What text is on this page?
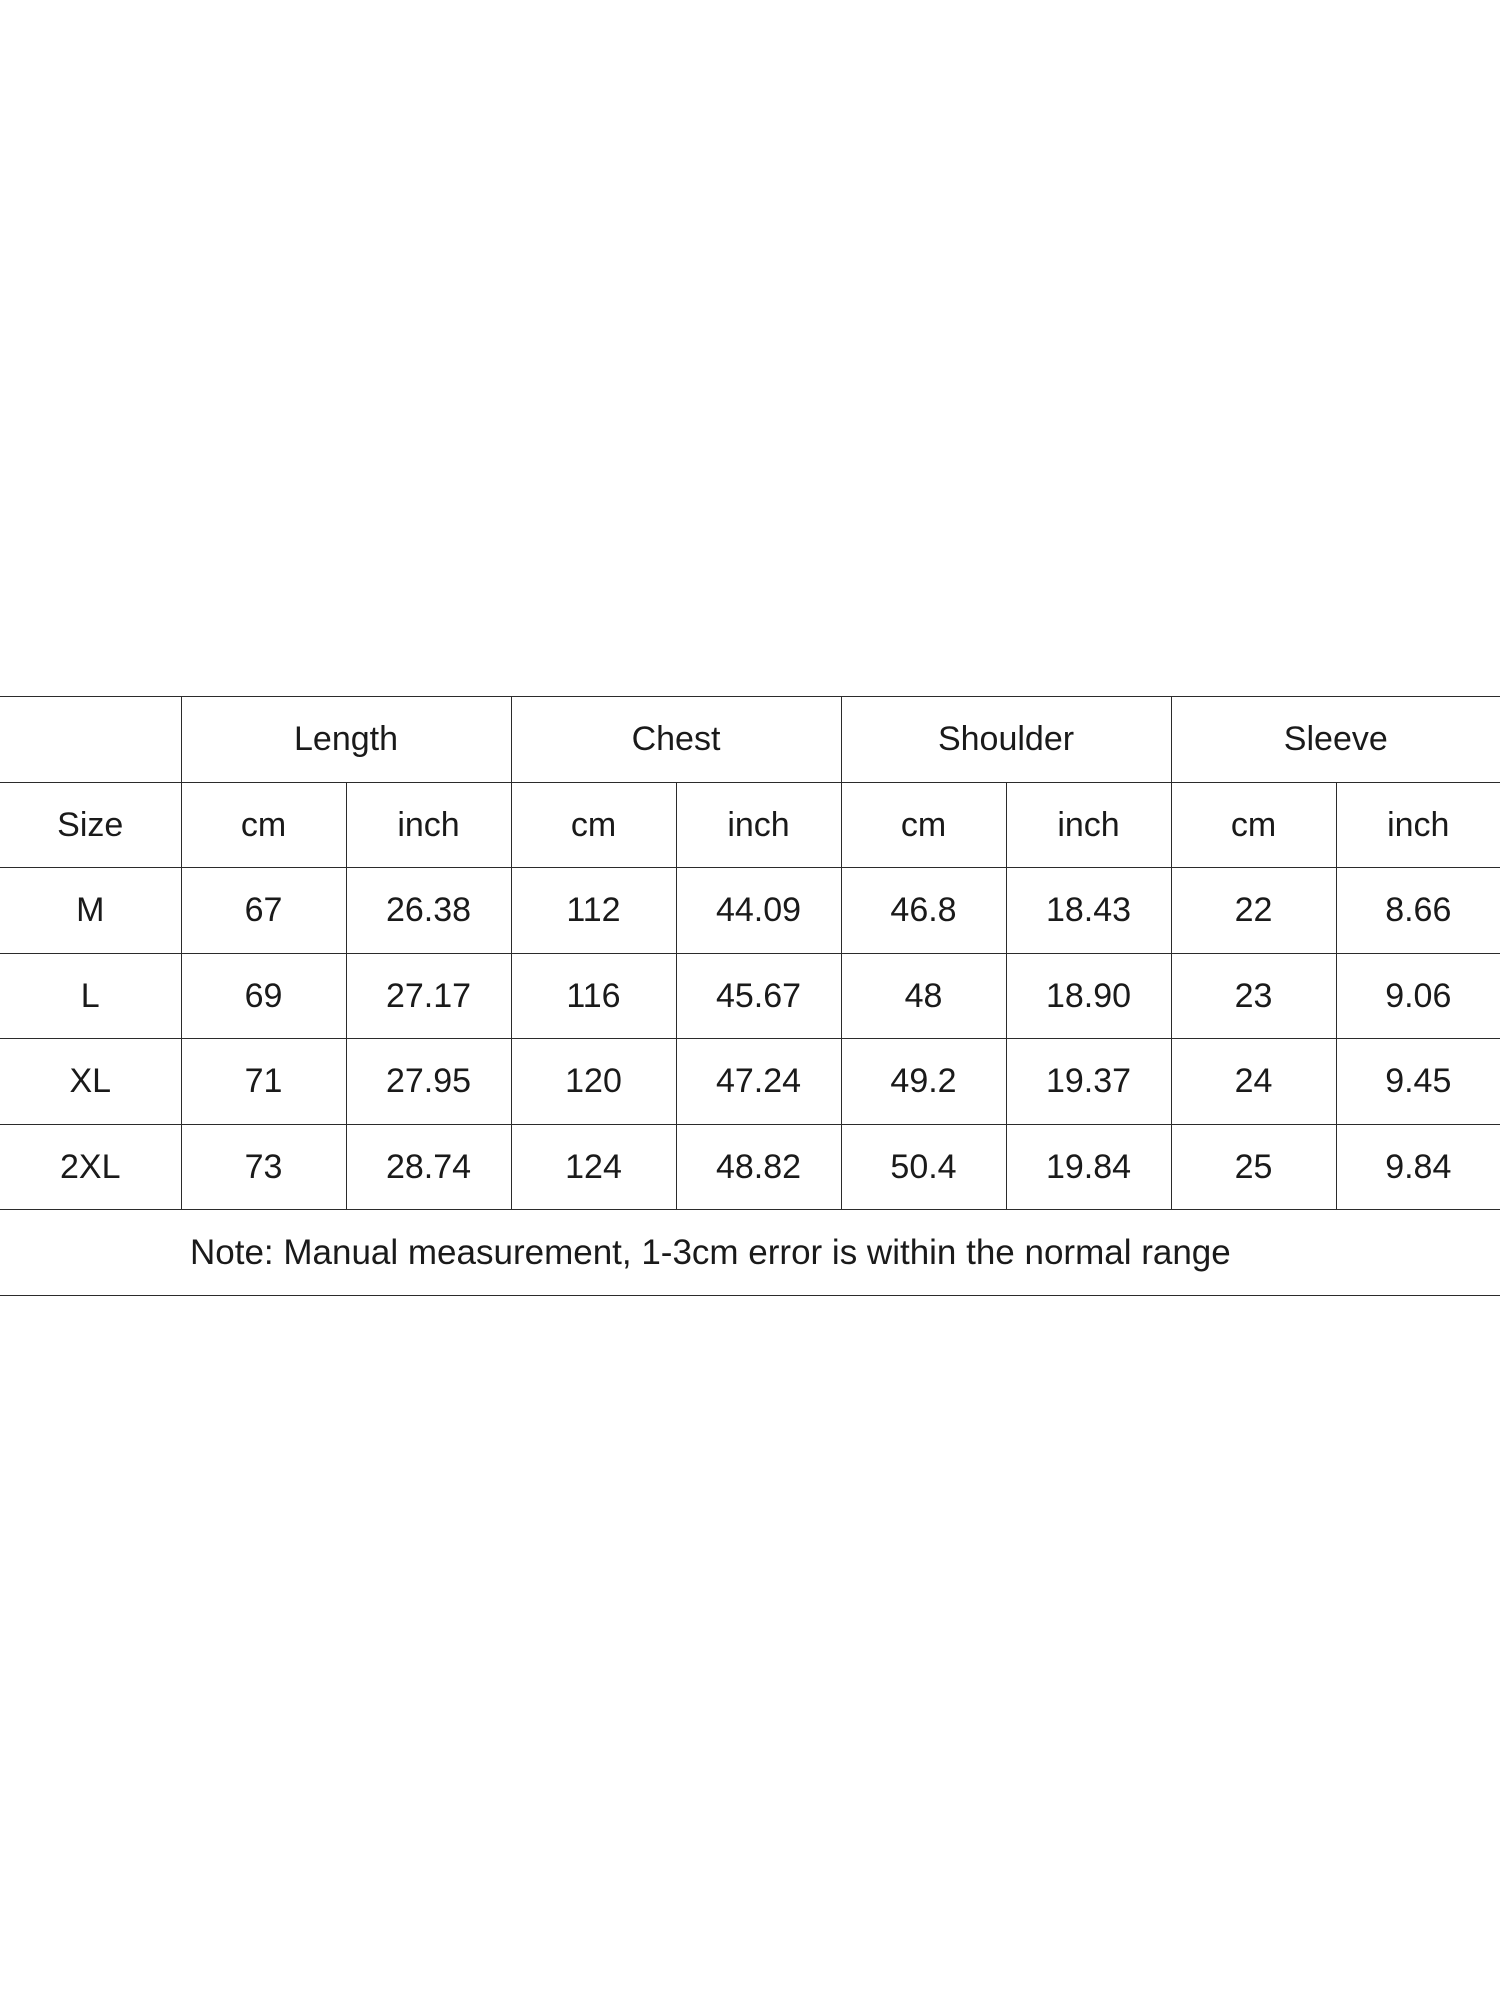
	Length		Chest		Shoulder		Sleeve	
Size	cm	inch	cm	inch	cm	inch	cm	inch
M	67	26.38	112	44.09	46.8	18.43	22	8.66
L	69	27.17	116	45.67	48	18.90	23	9.06
XL	71	27.95	120	47.24	49.2	19.37	24	9.45
2XL	73	28.74	124	48.82	50.4	19.84	25	9.84
Note: Manual measurement, 1-3cm error is within the normal range								
